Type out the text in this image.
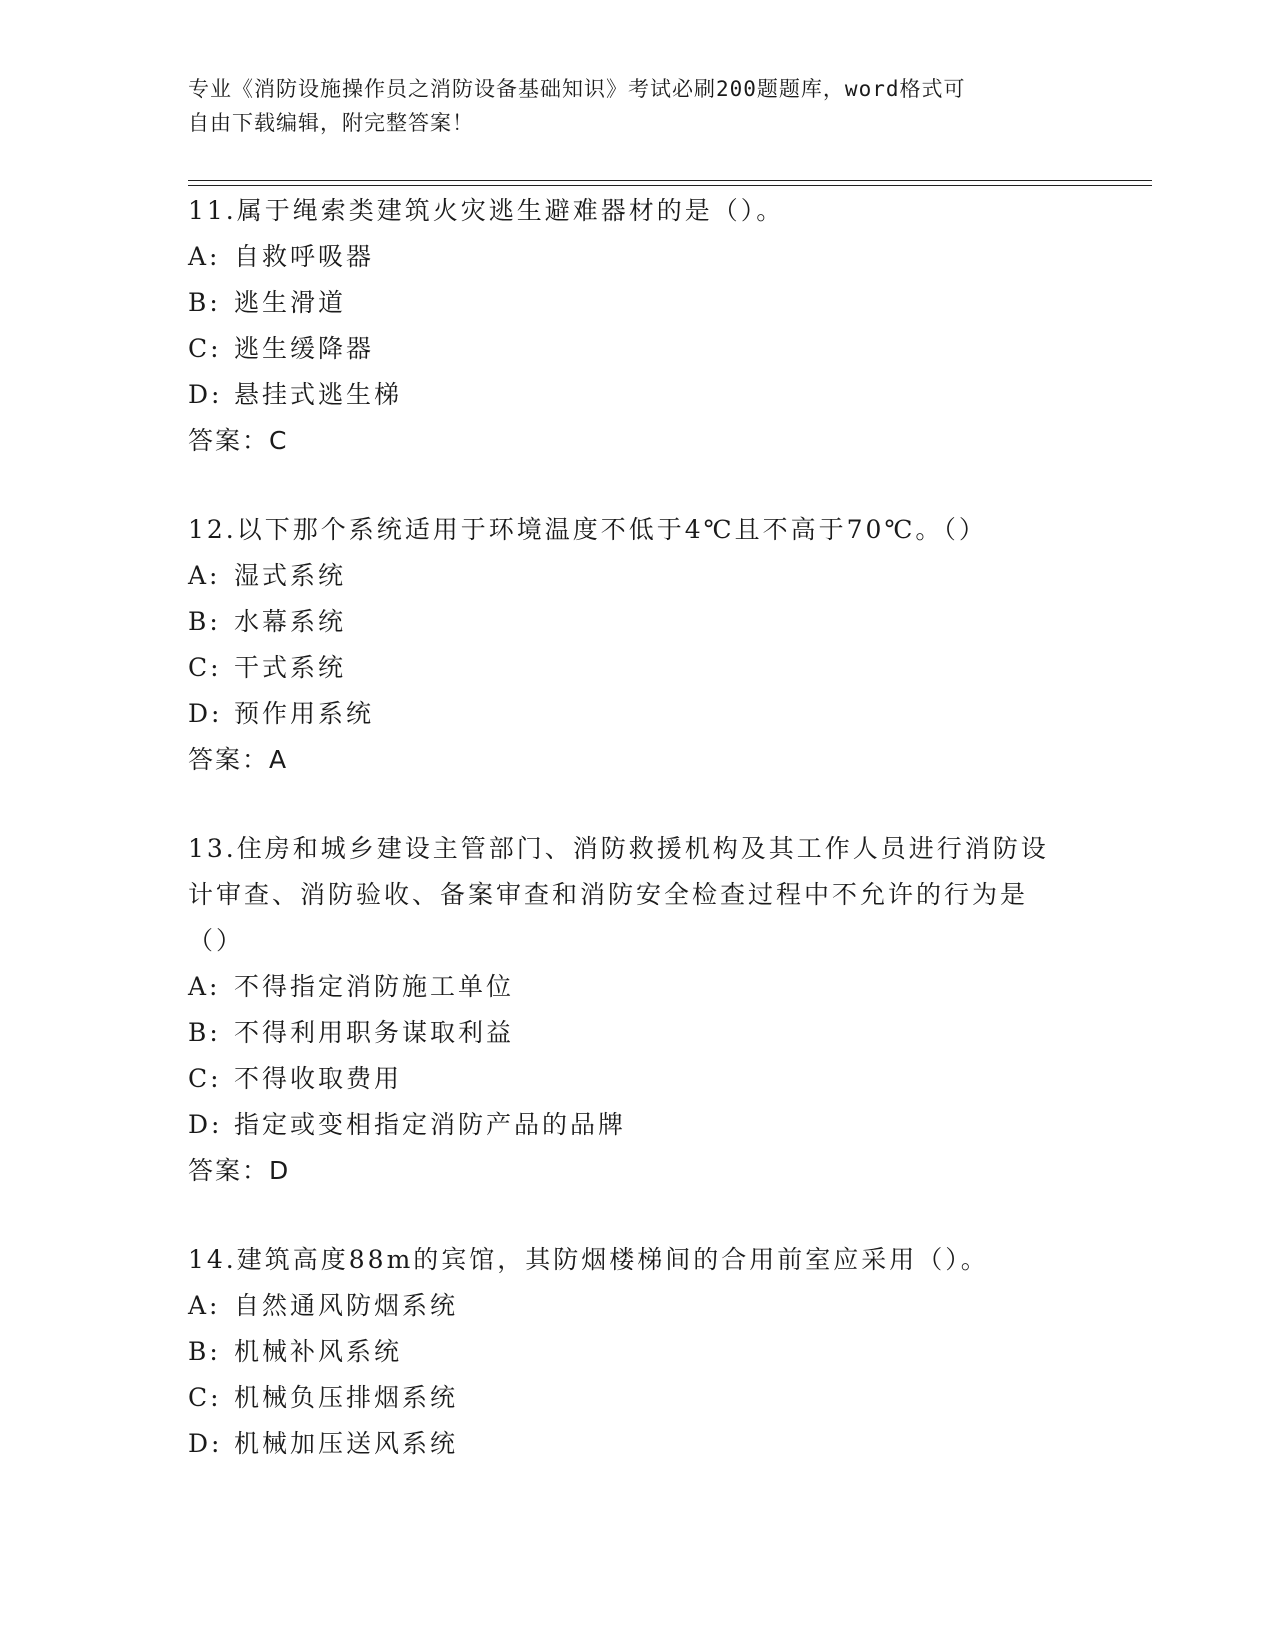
专业《消防设施操作员之消防设备基础知识》考试必刷200题题库，word格式可
自由下载编辑，附完整答案！
11.属于绳索类建筑火灾逃生避难器材的是（）。
A: 自救呼吸器
B: 逃生滑道
C: 逃生缓降器
D: 悬挂式逃生梯
答案：C
12.以下那个系统适用于环境温度不低于4℃且不高于70℃。（）
A: 湿式系统
B: 水幕系统
C: 干式系统
D: 预作用系统
答案：A
13.住房和城乡建设主管部门、消防救援机构及其工作人员进行消防设
计审查、消防验收、备案审查和消防安全检查过程中不允许的行为是
（）
A: 不得指定消防施工单位
B: 不得利用职务谋取利益
C: 不得收取费用
D: 指定或变相指定消防产品的品牌
答案：D
14.建筑高度88m的宾馆，其防烟楼梯间的合用前室应采用（）。
A: 自然通风防烟系统
B: 机械补风系统
C: 机械负压排烟系统
D: 机械加压送风系统
